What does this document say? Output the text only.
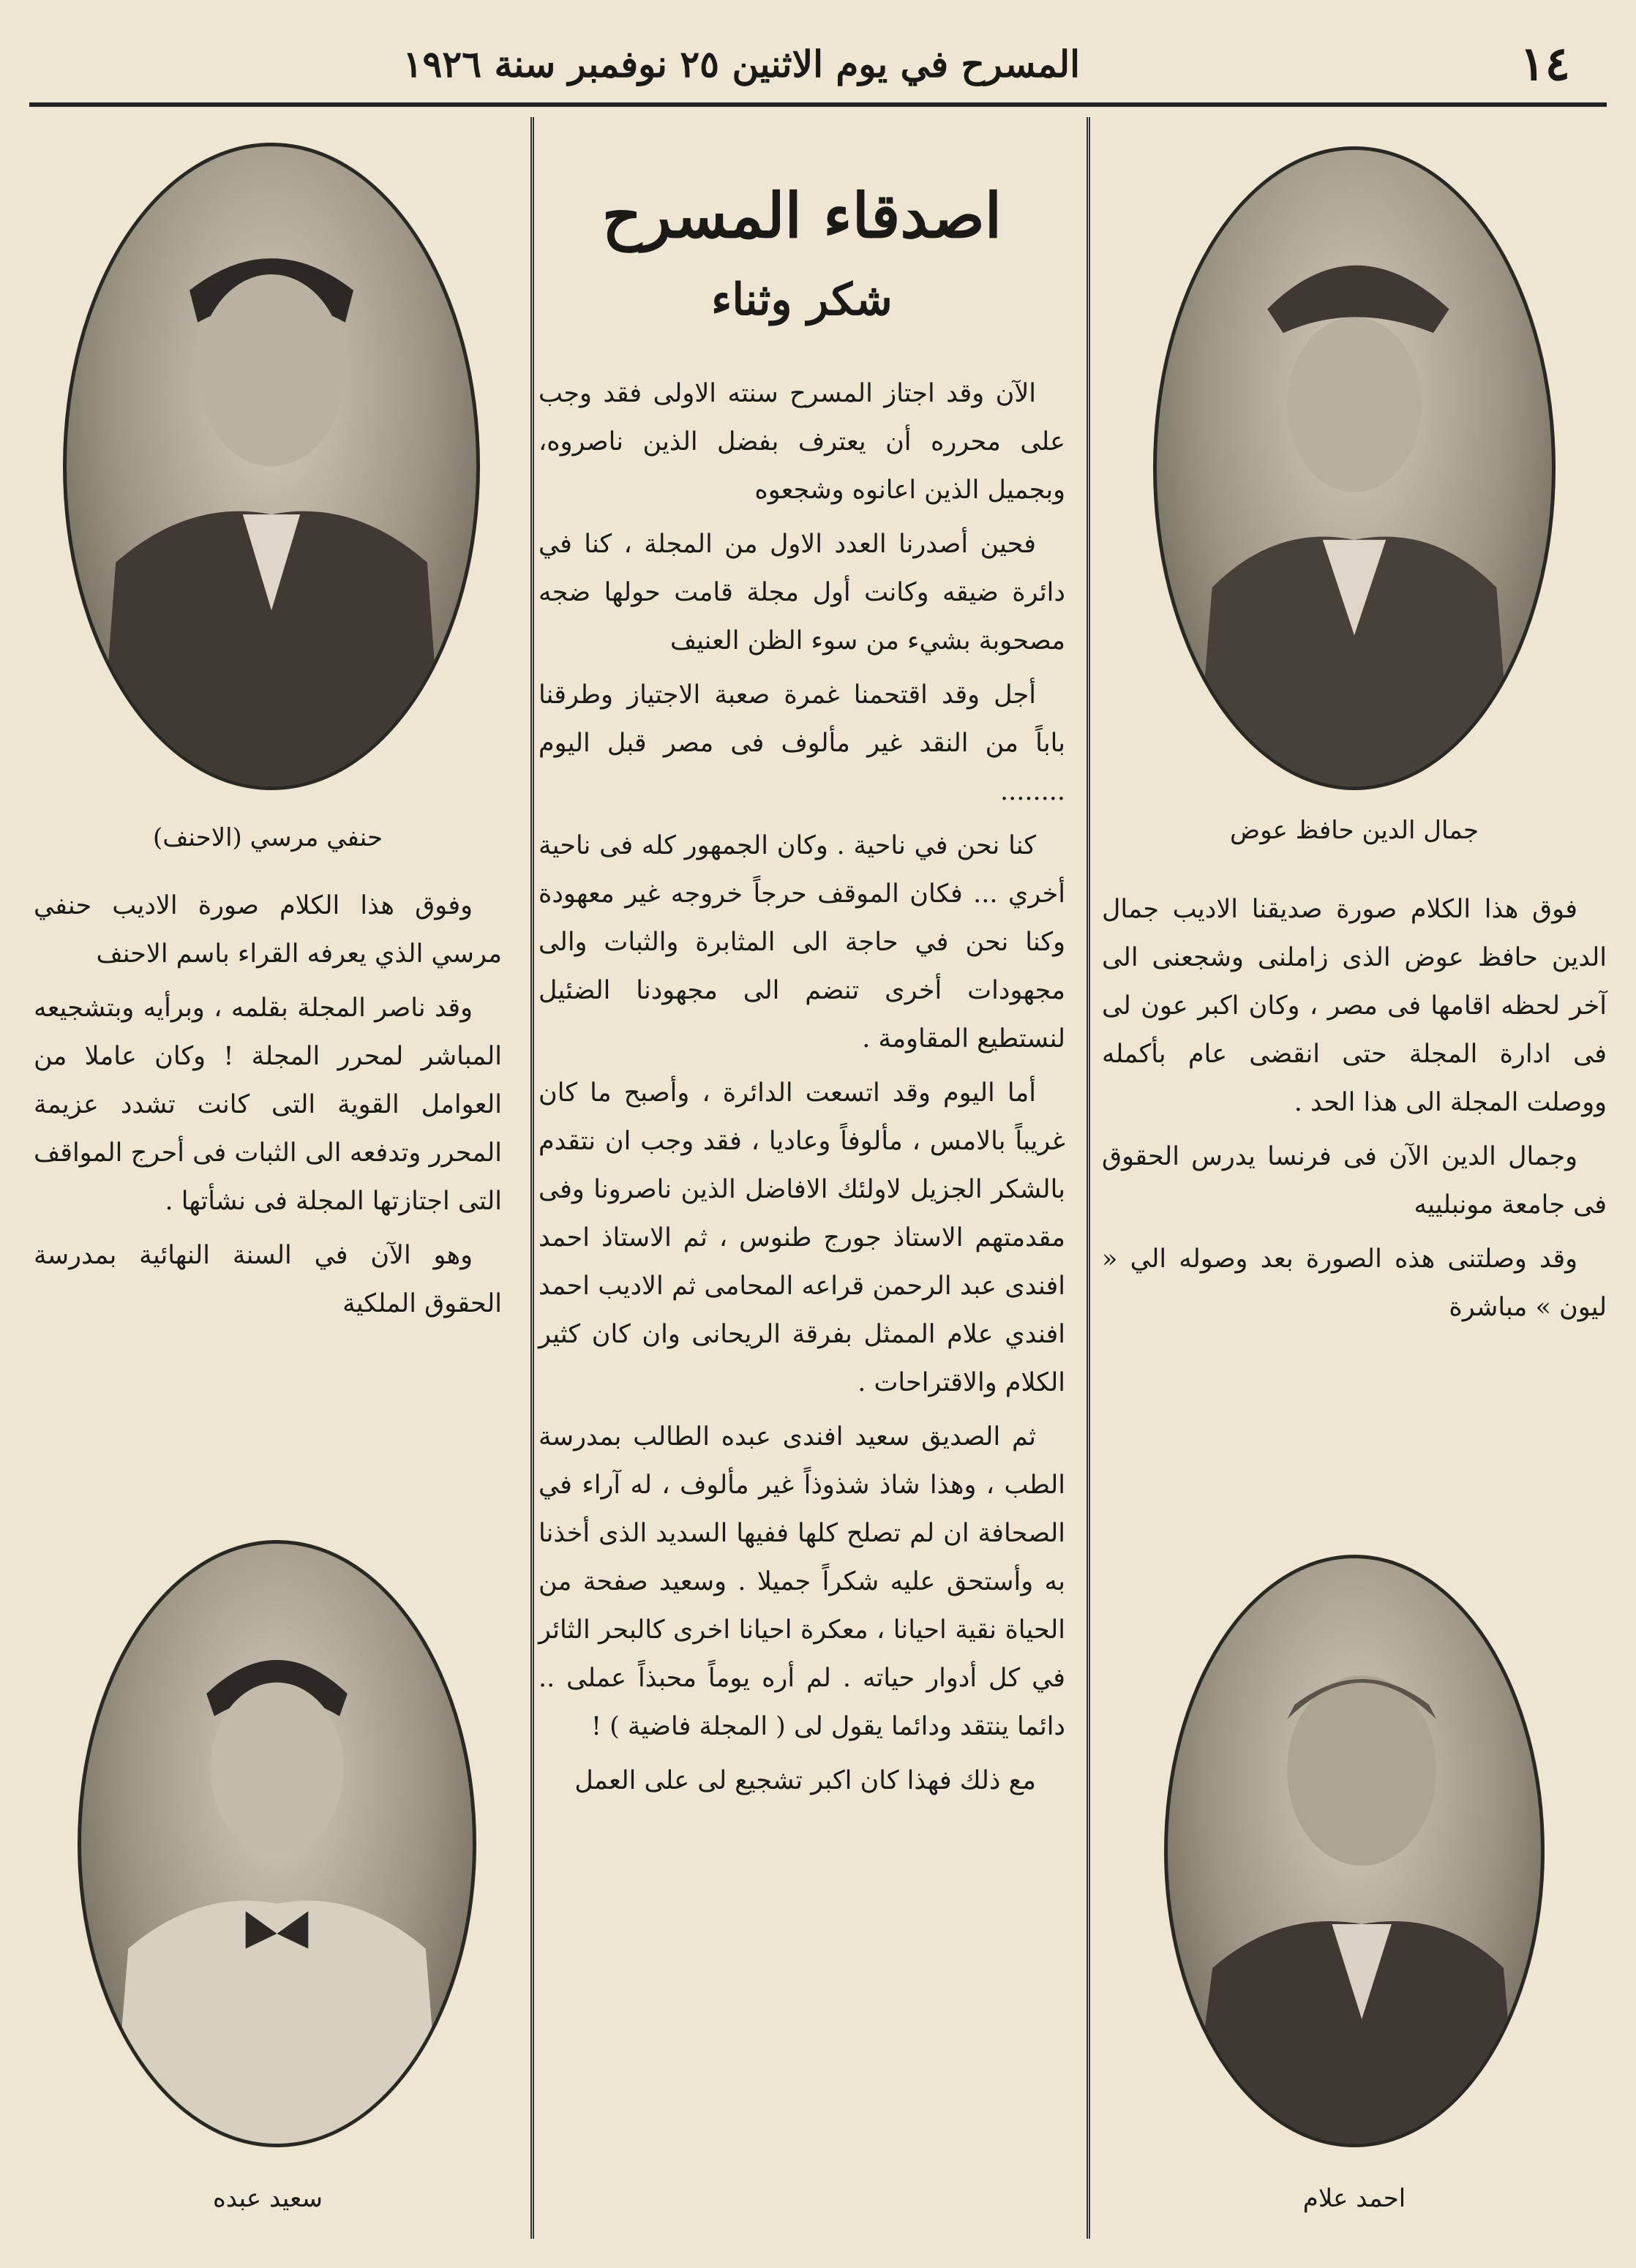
١٤
المسرح في يوم الاثنين ٢٥ نوفمبر سنة ١٩٢٦
جمال الدين حافظ عوض

فوق هذا الكلام صورة صديقنا الاديب جمال الدين حافظ عوض الذى زاملنى وشجعنى الى آخر لحظه اقامها فى مصر ، وكان اكبر عون لى فى ادارة المجلة حتى انقضى عام بأكمله ووصلت المجلة الى هذا الحد .

وجمال الدين الآن فى فرنسا يدرس الحقوق فى جامعة مونبلييه

وقد وصلتنى هذه الصورة بعد وصوله الي « ليون » مباشرة

احمد علام
اصدقاء المسرح
شكر وثناء

الآن وقد اجتاز المسرح سنته الاولى فقد وجب على محرره أن يعترف بفضل الذين ناصروه، وبجميل الذين اعانوه وشجعوه

فحين أصدرنا العدد الاول من المجلة ، كنا في دائرة ضيقه وكانت أول مجلة قامت حولها ضجه مصحوبة بشيء من سوء الظن العنيف

أجل وقد اقتحمنا غمرة صعبة الاجتياز وطرقنا باباً من النقد غير مألوف فى مصر قبل اليوم ........

كنا نحن في ناحية . وكان الجمهور كله فى ناحية أخري ... فكان الموقف حرجاً خروجه غير معهودة وكنا نحن في حاجة الى المثابرة والثبات والى مجهودات أخرى تنضم الى مجهودنا الضئيل لنستطيع المقاومة .

أما اليوم وقد اتسعت الدائرة ، وأصبح ما كان غريباً بالامس ، مألوفاً وعاديا ، فقد وجب ان نتقدم بالشكر الجزيل لاولئك الافاضل الذين ناصرونا وفى مقدمتهم الاستاذ جورج طنوس ، ثم الاستاذ احمد افندى عبد الرحمن قراعه المحامى ثم الاديب احمد افندي علام الممثل بفرقة الريحانى وان كان كثير الكلام والاقتراحات .

ثم الصديق سعيد افندى عبده الطالب بمدرسة الطب ، وهذا شاذ شذوذاً غير مألوف ، له آراء في الصحافة ان لم تصلح كلها ففيها السديد الذى أخذنا به وأستحق عليه شكراً جميلا . وسعيد صفحة من الحياة نقية احيانا ، معكرة احيانا اخرى كالبحر الثائر في كل أدوار حياته . لم أره يوماً محبذاً عملى .. دائما ينتقد ودائما يقول لى ( المجلة فاضية ) !

مع ذلك فهذا كان اكبر تشجيع لى على العمل

حنفي مرسي (الاحنف)

وفوق هذا الكلام صورة الاديب حنفي مرسي الذي يعرفه القراء باسم الاحنف

وقد ناصر المجلة بقلمه ، وبرأيه وبتشجيعه المباشر لمحرر المجلة ! وكان عاملا من العوامل القوية التى كانت تشدد عزيمة المحرر وتدفعه الى الثبات فى أحرج المواقف التى اجتازتها المجلة فى نشأتها .

وهو الآن في السنة النهائية بمدرسة الحقوق الملكية

سعيد عبده
